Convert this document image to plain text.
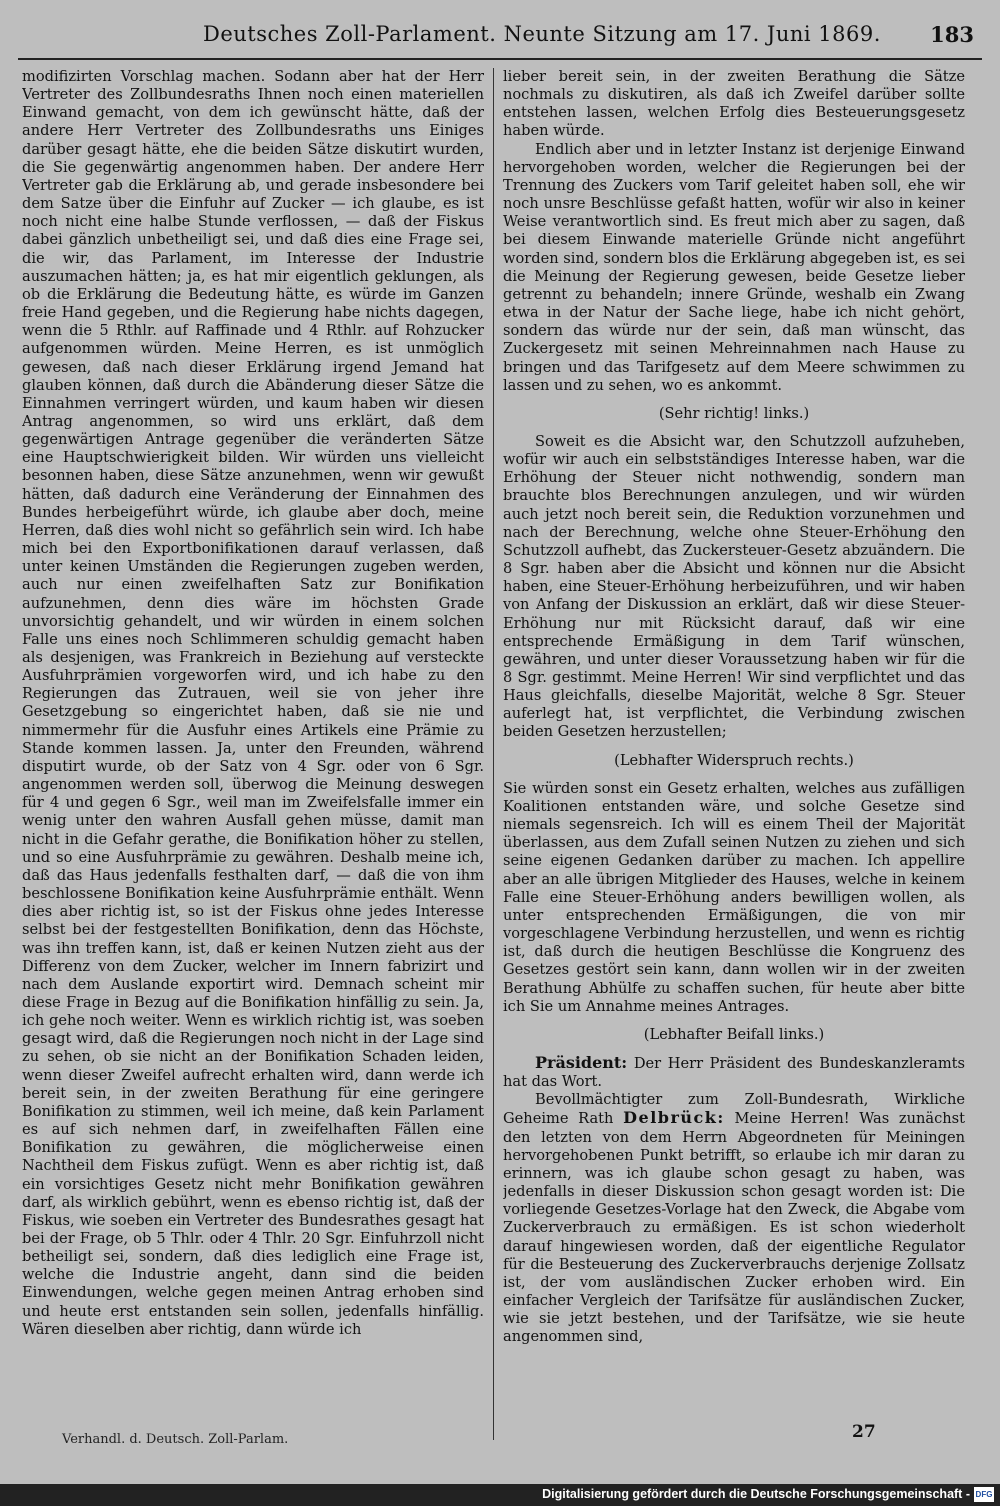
Deutsches Zoll-Parlament. Neunte Sitzung am 17. Juni 1869. 183

modifizirten Vorschlag machen. Sodann aber hat der Herr Vertreter des Zollbundesraths Ihnen noch einen materiellen Einwand gemacht, von dem ich gewünscht hätte, daß der andere Herr Vertreter des Zollbundesraths uns Einiges darüber gesagt hätte, ehe die beiden Sätze diskutirt wurden, die Sie gegenwärtig angenommen haben. Der andere Herr Vertreter gab die Erklärung ab, und gerade insbesondere bei dem Satze über die Einfuhr auf Zucker — ich glaube, es ist noch nicht eine halbe Stunde verflossen, — daß der Fiskus dabei gänzlich unbetheiligt sei, und daß dies eine Frage sei, die wir, das Parlament, im Interesse der Industrie auszumachen hätten; ja, es hat mir eigentlich geklungen, als ob die Erklärung die Bedeutung hätte, es würde im Ganzen freie Hand gegeben, und die Regierung habe nichts dagegen, wenn die 5 Rthlr. auf Raffinade und 4 Rthlr. auf Rohzucker aufgenommen würden. Meine Herren, es ist unmöglich gewesen, daß nach dieser Erklärung irgend Jemand hat glauben können, daß durch die Abänderung dieser Sätze die Einnahmen verringert würden, und kaum haben wir diesen Antrag angenommen, so wird uns erklärt, daß dem gegenwärtigen Antrage gegenüber die veränderten Sätze eine Hauptschwierigkeit bilden. Wir würden uns vielleicht besonnen haben, diese Sätze anzunehmen, wenn wir gewußt hätten, daß dadurch eine Veränderung der Einnahmen des Bundes herbeigeführt würde, ich glaube aber doch, meine Herren, daß dies wohl nicht so gefährlich sein wird. Ich habe mich bei den Exportbonifikationen darauf verlassen, daß unter keinen Umständen die Regierungen zugeben werden, auch nur einen zweifelhaften Satz zur Bonifikation aufzunehmen, denn dies wäre im höchsten Grade unvorsichtig gehandelt, und wir würden in einem solchen Falle uns eines noch Schlimmeren schuldig gemacht haben als desjenigen, was Frankreich in Beziehung auf versteckte Ausfuhrprämien vorgeworfen wird, und ich habe zu den Regierungen das Zutrauen, weil sie von jeher ihre Gesetzgebung so eingerichtet haben, daß sie nie und nimmermehr für die Ausfuhr eines Artikels eine Prämie zu Stande kommen lassen. Ja, unter den Freunden, während disputirt wurde, ob der Satz von 4 Sgr. oder von 6 Sgr. angenommen werden soll, überwog die Meinung deswegen für 4 und gegen 6 Sgr., weil man im Zweifelsfalle immer ein wenig unter den wahren Ausfall gehen müsse, damit man nicht in die Gefahr gerathe, die Bonifikation höher zu stellen, und so eine Ausfuhrprämie zu gewähren. Deshalb meine ich, daß das Haus jedenfalls festhalten darf, — daß die von ihm beschlossene Bonifikation keine Ausfuhrprämie enthält. Wenn dies aber richtig ist, so ist der Fiskus ohne jedes Interesse selbst bei der festgestellten Bonifikation, denn das Höchste, was ihn treffen kann, ist, daß er keinen Nutzen zieht aus der Differenz von dem Zucker, welcher im Innern fabrizirt und nach dem Auslande exportirt wird. Demnach scheint mir diese Frage in Bezug auf die Bonifikation hinfällig zu sein. Ja, ich gehe noch weiter. Wenn es wirklich richtig ist, was soeben gesagt wird, daß die Regierungen noch nicht in der Lage sind zu sehen, ob sie nicht an der Bonifikation Schaden leiden, wenn dieser Zweifel aufrecht erhalten wird, dann werde ich bereit sein, in der zweiten Berathung für eine geringere Bonifikation zu stimmen, weil ich meine, daß kein Parlament es auf sich nehmen darf, in zweifelhaften Fällen eine Bonifikation zu gewähren, die möglicherweise einen Nachtheil dem Fiskus zufügt. Wenn es aber richtig ist, daß ein vorsichtiges Gesetz nicht mehr Bonifikation gewähren darf, als wirklich gebührt, wenn es ebenso richtig ist, daß der Fiskus, wie soeben ein Vertreter des Bundesrathes gesagt hat bei der Frage, ob 5 Thlr. oder 4 Thlr. 20 Sgr. Einfuhrzoll nicht betheiligt sei, sondern, daß dies lediglich eine Frage ist, welche die Industrie angeht, dann sind die beiden Einwendungen, welche gegen meinen Antrag erhoben sind und heute erst entstanden sein sollen, jedenfalls hinfällig. Wären dieselben aber richtig, dann würde ich

lieber bereit sein, in der zweiten Berathung die Sätze nochmals zu diskutiren, als daß ich Zweifel darüber sollte entstehen lassen, welchen Erfolg dies Besteuerungsgesetz haben würde.

Endlich aber und in letzter Instanz ist derjenige Einwand hervorgehoben worden, welcher die Regierungen bei der Trennung des Zuckers vom Tarif geleitet haben soll, ehe wir noch unsre Beschlüsse gefaßt hatten, wofür wir also in keiner Weise verantwortlich sind. Es freut mich aber zu sagen, daß bei diesem Einwande materielle Gründe nicht angeführt worden sind, sondern blos die Erklärung abgegeben ist, es sei die Meinung der Regierung gewesen, beide Gesetze lieber getrennt zu behandeln; innere Gründe, weshalb ein Zwang etwa in der Natur der Sache liege, habe ich nicht gehört, sondern das würde nur der sein, daß man wünscht, das Zuckergesetz mit seinen Mehreinnahmen nach Hause zu bringen und das Tarifgesetz auf dem Meere schwimmen zu lassen und zu sehen, wo es ankommt.

(Sehr richtig! links.)

Soweit es die Absicht war, den Schutzzoll aufzuheben, wofür wir auch ein selbstständiges Interesse haben, war die Erhöhung der Steuer nicht nothwendig, sondern man brauchte blos Berechnungen anzulegen, und wir würden auch jetzt noch bereit sein, die Reduktion vorzunehmen und nach der Berechnung, welche ohne Steuer-Erhöhung den Schutzzoll aufhebt, das Zuckersteuer-Gesetz abzuändern. Die 8 Sgr. haben aber die Absicht und können nur die Absicht haben, eine Steuer-Erhöhung herbeizuführen, und wir haben von Anfang der Diskussion an erklärt, daß wir diese Steuer-Erhöhung nur mit Rücksicht darauf, daß wir eine entsprechende Ermäßigung in dem Tarif wünschen, gewähren, und unter dieser Voraussetzung haben wir für die 8 Sgr. gestimmt. Meine Herren! Wir sind verpflichtet und das Haus gleichfalls, dieselbe Majorität, welche 8 Sgr. Steuer auferlegt hat, ist verpflichtet, die Verbindung zwischen beiden Gesetzen herzustellen;

(Lebhafter Widerspruch rechts.)

Sie würden sonst ein Gesetz erhalten, welches aus zufälligen Koalitionen entstanden wäre, und solche Gesetze sind niemals segensreich. Ich will es einem Theil der Majorität überlassen, aus dem Zufall seinen Nutzen zu ziehen und sich seine eigenen Gedanken darüber zu machen. Ich appellire aber an alle übrigen Mitglieder des Hauses, welche in keinem Falle eine Steuer-Erhöhung anders bewilligen wollen, als unter entsprechenden Ermäßigungen, die von mir vorgeschlagene Verbindung herzustellen, und wenn es richtig ist, daß durch die heutigen Beschlüsse die Kongruenz des Gesetzes gestört sein kann, dann wollen wir in der zweiten Berathung Abhülfe zu schaffen suchen, für heute aber bitte ich Sie um Annahme meines Antrages.

(Lebhafter Beifall links.)

Präsident: Der Herr Präsident des Bundeskanzleramts hat das Wort.

Bevollmächtigter zum Zoll-Bundesrath, Wirkliche Geheime Rath Delbrück: Meine Herren! Was zunächst den letzten von dem Herrn Abgeordneten für Meiningen hervorgehobenen Punkt betrifft, so erlaube ich mir daran zu erinnern, was ich glaube schon gesagt zu haben, was jedenfalls in dieser Diskussion schon gesagt worden ist: Die vorliegende Gesetzes-Vorlage hat den Zweck, die Abgabe vom Zuckerverbrauch zu ermäßigen. Es ist schon wiederholt darauf hingewiesen worden, daß der eigentliche Regulator für die Besteuerung des Zuckerverbrauchs derjenige Zollsatz ist, der vom ausländischen Zucker erhoben wird. Ein einfacher Vergleich der Tarifsätze für ausländischen Zucker, wie sie jetzt bestehen, und der Tarifsätze, wie sie heute angenommen sind,

Verhandl. d. Deutsch. Zoll-Parlam.	27
Digitalisierung gefördert durch die Deutsche Forschungsgemeinschaft - DFG
